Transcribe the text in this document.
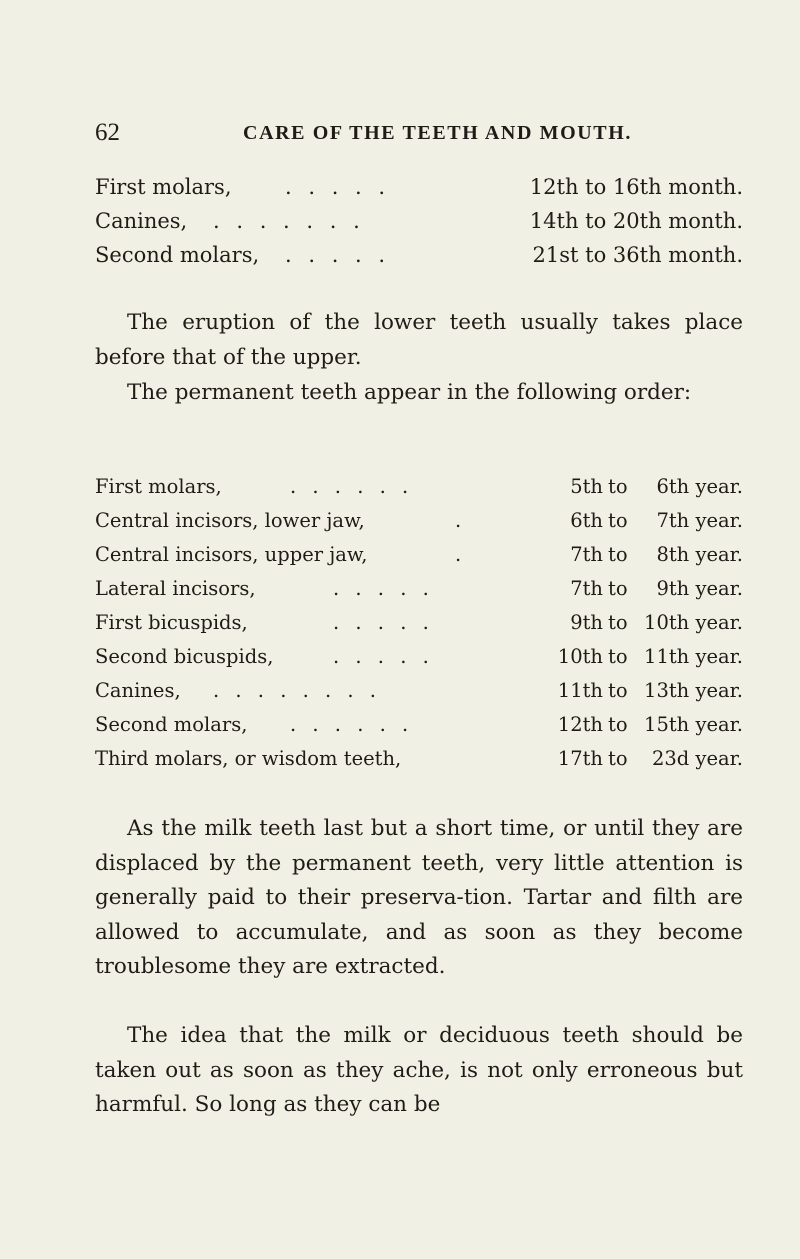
62	CARE OF THE TEETH AND MOUTH.
First molars,	. . . . .	12th to 16th month.
Canines, . . . . . . .	14th to 20th month.
Second molars, . . . . .	21st to 36th month.

The eruption of the lower teeth usually takes place before that of the upper.

The permanent teeth appear in the following order:

First molars,	. . . . . .	5th to	6th year.
Central incisors, lower jaw,	.	6th to	7th year.
Central incisors, upper jaw,	.	7th to	8th year.
Lateral incisors,	. . . . .	7th to	9th year.
First bicuspids,	. . . . .	9th to 10th year.
Second bicuspids,	. . . . .	10th to 11th year.
Canines, . . . . . . . .	11th to 13th year.
Second molars, . . . . . .	12th to 15th year.
Third molars, or wisdom teeth,	17th to	23d year.

As the milk teeth last but a short time, or until they are displaced by the permanent teeth, very little attention is generally paid to their preserva-tion. Tartar and filth are allowed to accumulate, and as soon as they become troublesome they are extracted.

The idea that the milk or deciduous teeth should be taken out as soon as they ache, is not only erroneous but harmful. So long as they can be
